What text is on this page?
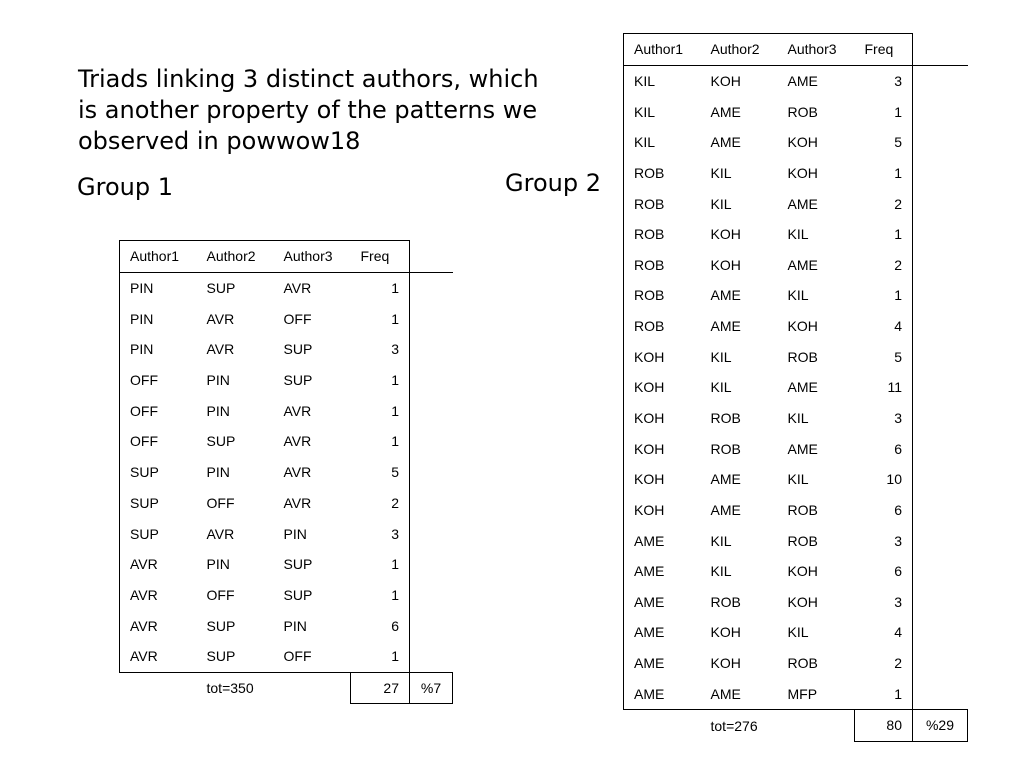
Triads linking 3 distinct authors, which is another property of the patterns we observed in powwow18
Group 1	Group 2
Author1	Author2	Author3	Freq	
PIN	SUP	AVR	1	
PIN	AVR	OFF	1	
PIN	AVR	SUP	3	
OFF	PIN	SUP	1	
OFF	PIN	AVR	1	
OFF	SUP	AVR	1	
SUP	PIN	AVR	5	
SUP	OFF	AVR	2	
SUP	AVR	PIN	3	
AVR	PIN	SUP	1	
AVR	OFF	SUP	1	
AVR	SUP	PIN	6	
AVR	SUP	OFF	1	
	tot=350		27	%7
Author1	Author2	Author3	Freq	
KIL	KOH	AME	3	
KIL	AME	ROB	1	
KIL	AME	KOH	5	
ROB	KIL	KOH	1	
ROB	KIL	AME	2	
ROB	KOH	KIL	1	
ROB	KOH	AME	2	
ROB	AME	KIL	1	
ROB	AME	KOH	4	
KOH	KIL	ROB	5	
KOH	KIL	AME	11	
KOH	ROB	KIL	3	
KOH	ROB	AME	6	
KOH	AME	KIL	10	
KOH	AME	ROB	6	
AME	KIL	ROB	3	
AME	KIL	KOH	6	
AME	ROB	KOH	3	
AME	KOH	KIL	4	
AME	KOH	ROB	2	
AME	AME	MFP	1	
	tot=276		80	%29
